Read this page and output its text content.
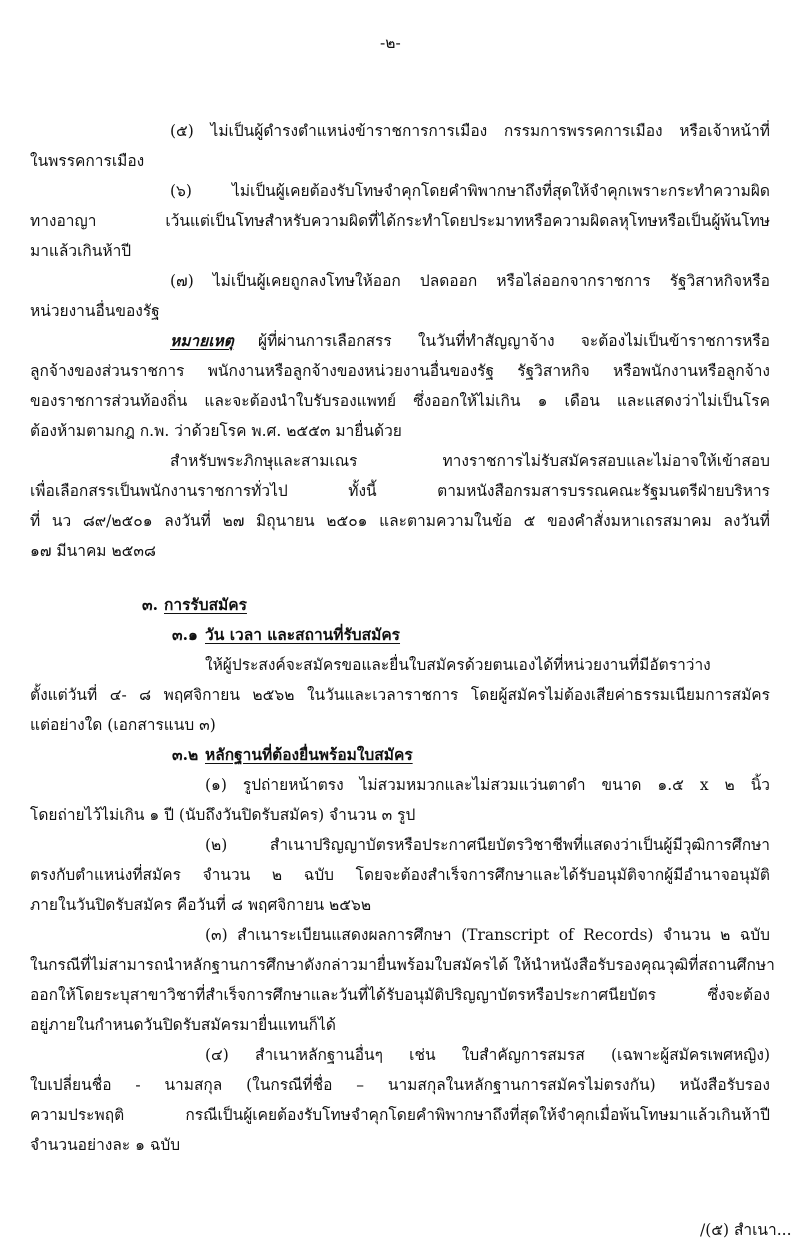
-๒-
(๕) ไม่เป็นผู้ดำรงตำแหน่งข้าราชการการเมือง กรรมการพรรคการเมือง หรือเจ้าหน้าที่
ในพรรคการเมือง
(๖) ไม่เป็นผู้เคยต้องรับโทษจำคุกโดยคำพิพากษาถึงที่สุดให้จำคุกเพราะกระทำความผิด
ทางอาญา เว้นแต่เป็นโทษสำหรับความผิดที่ได้กระทำโดยประมาทหรือความผิดลหุโทษหรือเป็นผู้พ้นโทษ
มาแล้วเกินห้าปี
(๗) ไม่เป็นผู้เคยถูกลงโทษให้ออก ปลดออก หรือไล่ออกจากราชการ รัฐวิสาหกิจหรือ
หน่วยงานอื่นของรัฐ
หมายเหตุ ผู้ที่ผ่านการเลือกสรร ในวันที่ทำสัญญาจ้าง จะต้องไม่เป็นข้าราชการหรือ
ลูกจ้างของส่วนราชการ พนักงานหรือลูกจ้างของหน่วยงานอื่นของรัฐ รัฐวิสาหกิจ หรือพนักงานหรือลูกจ้าง
ของราชการส่วนท้องถิ่น และจะต้องนำใบรับรองแพทย์ ซึ่งออกให้ไม่เกิน ๑ เดือน และแสดงว่าไม่เป็นโรค
ต้องห้ามตามกฎ ก.พ. ว่าด้วยโรค พ.ศ. ๒๕๕๓ มายื่นด้วย
สำหรับพระภิกษุและสามเณร ทางราชการไม่รับสมัครสอบและไม่อาจให้เข้าสอบ
เพื่อเลือกสรรเป็นพนักงานราชการทั่วไป ทั้งนี้ ตามหนังสือกรมสารบรรณคณะรัฐมนตรีฝ่ายบริหาร
ที่ นว ๘๙/๒๕๐๑ ลงวันที่ ๒๗ มิถุนายน ๒๕๐๑ และตามความในข้อ ๕ ของคำสั่งมหาเถรสมาคม ลงวันที่
๑๗ มีนาคม ๒๕๓๘
๓. การรับสมัคร
๓.๑ วัน เวลา และสถานที่รับสมัคร
ให้ผู้ประสงค์จะสมัครขอและยื่นใบสมัครด้วยตนเองได้ที่หน่วยงานที่มีอัตราว่าง
ตั้งแต่วันที่ ๔- ๘ พฤศจิกายน ๒๕๖๒ ในวันและเวลาราชการ โดยผู้สมัครไม่ต้องเสียค่าธรรมเนียมการสมัคร
แต่อย่างใด (เอกสารแนบ ๓)
๓.๒ หลักฐานที่ต้องยื่นพร้อมใบสมัคร
(๑) รูปถ่ายหน้าตรง ไม่สวมหมวกและไม่สวมแว่นตาดำ ขนาด ๑.๕ x ๒ นิ้ว
โดยถ่ายไว้ไม่เกิน ๑ ปี (นับถึงวันปิดรับสมัคร) จำนวน ๓ รูป
(๒) สำเนาปริญญาบัตรหรือประกาศนียบัตรวิชาชีพที่แสดงว่าเป็นผู้มีวุฒิการศึกษา
ตรงกับตำแหน่งที่สมัคร จำนวน ๒ ฉบับ โดยจะต้องสำเร็จการศึกษาและได้รับอนุมัติจากผู้มีอำนาจอนุมัติ
ภายในวันปิดรับสมัคร คือวันที่ ๘ พฤศจิกายน ๒๕๖๒
(๓) สำเนาระเบียนแสดงผลการศึกษา (Transcript of Records) จำนวน ๒ ฉบับ
ในกรณีที่ไม่สามารถนำหลักฐานการศึกษาดังกล่าวมายื่นพร้อมใบสมัครได้ ให้นำหนังสือรับรองคุณวุฒิที่สถานศึกษา
ออกให้โดยระบุสาขาวิชาที่สำเร็จการศึกษาและวันที่ได้รับอนุมัติปริญญาบัตรหรือประกาศนียบัตร ซึ่งจะต้อง
อยู่ภายในกำหนดวันปิดรับสมัครมายื่นแทนก็ได้
(๔) สำเนาหลักฐานอื่นๆ เช่น ใบสำคัญการสมรส (เฉพาะผู้สมัครเพศหญิง)
ใบเปลี่ยนชื่อ - นามสกุล (ในกรณีที่ชื่อ – นามสกุลในหลักฐานการสมัครไม่ตรงกัน) หนังสือรับรอง
ความประพฤติ กรณีเป็นผู้เคยต้องรับโทษจำคุกโดยคำพิพากษาถึงที่สุดให้จำคุกเมื่อพ้นโทษมาแล้วเกินห้าปี
จำนวนอย่างละ ๑ ฉบับ
/(๕) สำเนา...
